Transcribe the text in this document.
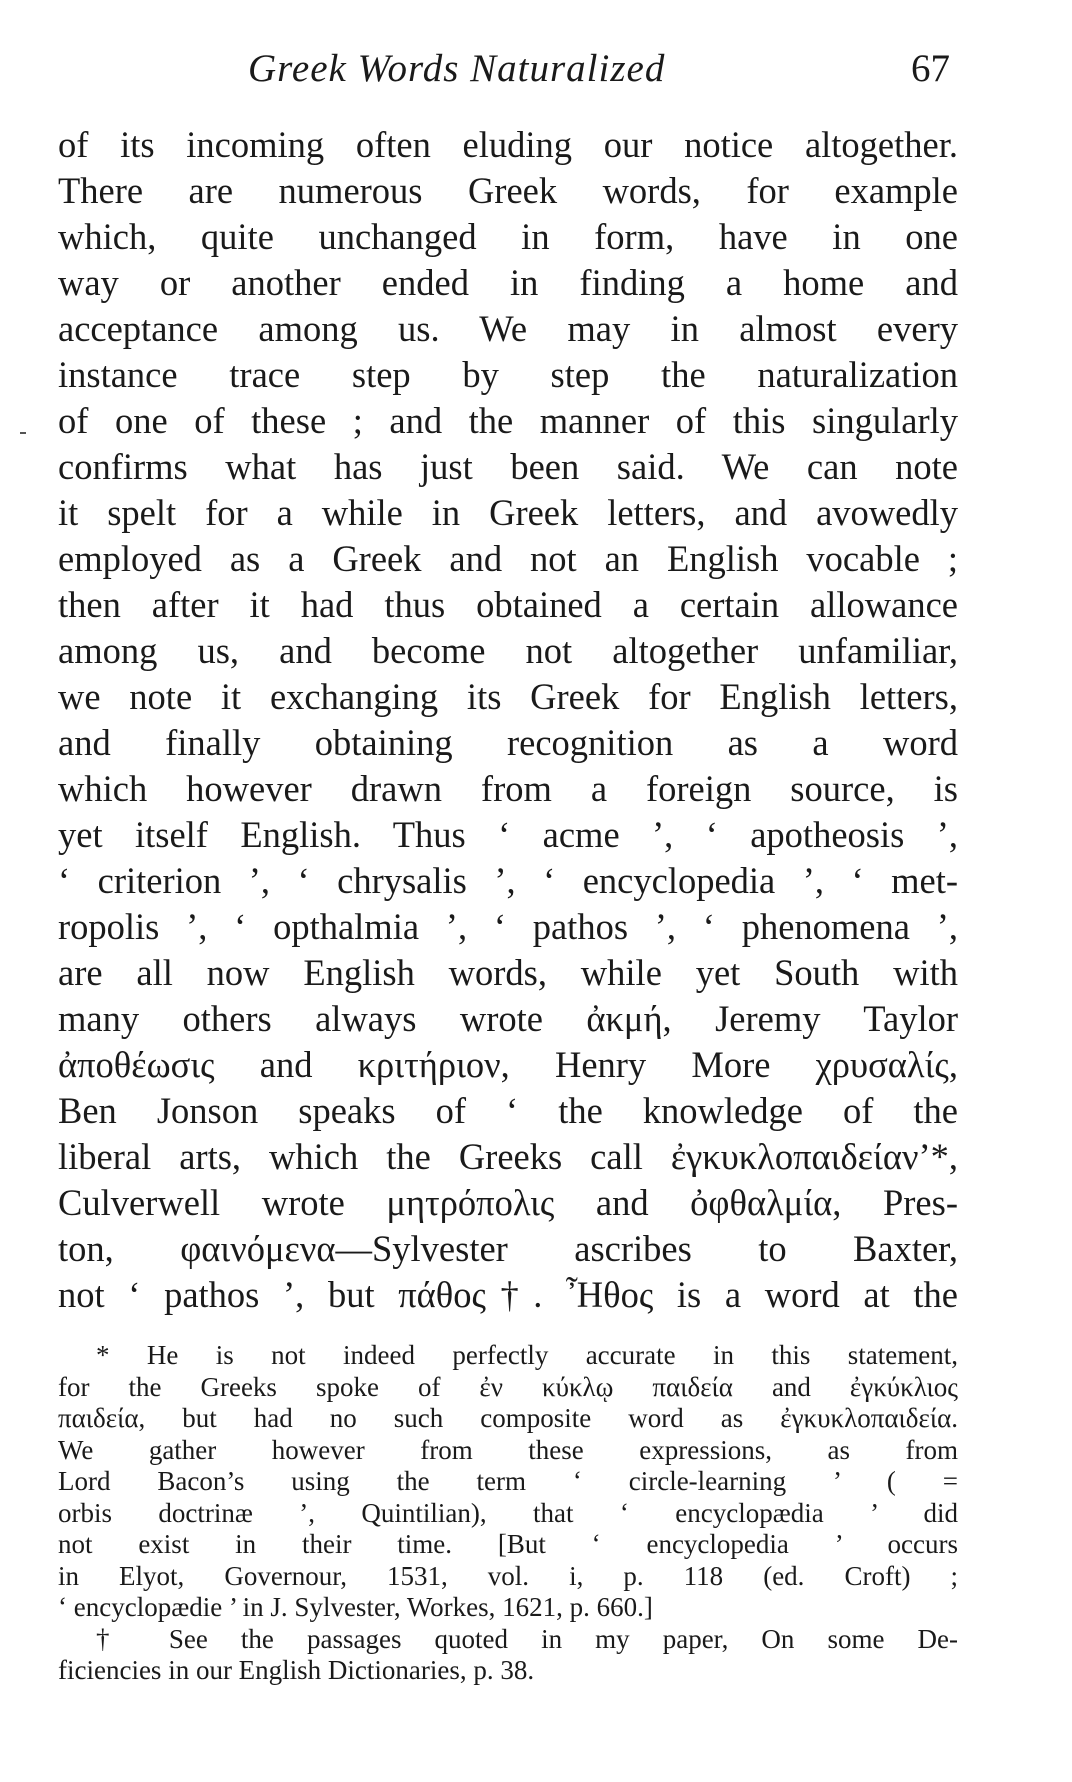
Greek Words Naturalized	67
of its incoming often eluding our notice altogether.
There are numerous Greek words, for example
which, quite unchanged in form, have in one
way or another ended in finding a home and
acceptance among us. We may in almost every
instance trace step by step the naturalization
of one of these ; and the manner of this singularly
confirms what has just been said. We can note
it spelt for a while in Greek letters, and avowedly
employed as a Greek and not an English vocable ;
then after it had thus obtained a certain allowance
among us, and become not altogether unfamiliar,
we note it exchanging its Greek for English letters,
and finally obtaining recognition as a word
which however drawn from a foreign source, is
yet itself English. Thus ‘ acme ’, ‘ apotheosis ’,
‘ criterion ’, ‘ chrysalis ’, ‘ encyclopedia ’, ‘ met-
ropolis ’, ‘ opthalmia ’, ‘ pathos ’, ‘ phenomena ’,
are all now English words, while yet South with
many others always wrote ἀκμή, Jeremy Taylor
ἀποθέωσις and κριτήριον, Henry More χρυσαλίς,
Ben Jonson speaks of ‘ the knowledge of the
liberal arts, which the Greeks call ἐγκυκλοπαιδείαν’*,
Culverwell wrote μητρόπολις and ὀφθαλμία, Pres-
ton, φαινόμενα—Sylvester ascribes to Baxter,
not ‘ pathos ’, but πάθος†. Ἦθος is a word at the
* He is not indeed perfectly accurate in this statement,
for the Greeks spoke of ἐν κύκλῳ παιδεία and ἐγκύκλιος
παιδεία, but had no such composite word as ἐγκυκλοπαιδεία.
We gather however from these expressions, as from
Lord Bacon’s using the term ‘ circle-learning ’ ( =
orbis doctrinæ ’, Quintilian), that ‘ encyclopædia ’ did
not exist in their time. [But ‘ encyclopedia ’ occurs
in Elyot, Governour, 1531, vol. i, p. 118 (ed. Croft) ;
‘ encyclopædie ’ in J. Sylvester, Workes, 1621, p. 660.]
† See the passages quoted in my paper, On some De-
ficiencies in our English Dictionaries, p. 38.
